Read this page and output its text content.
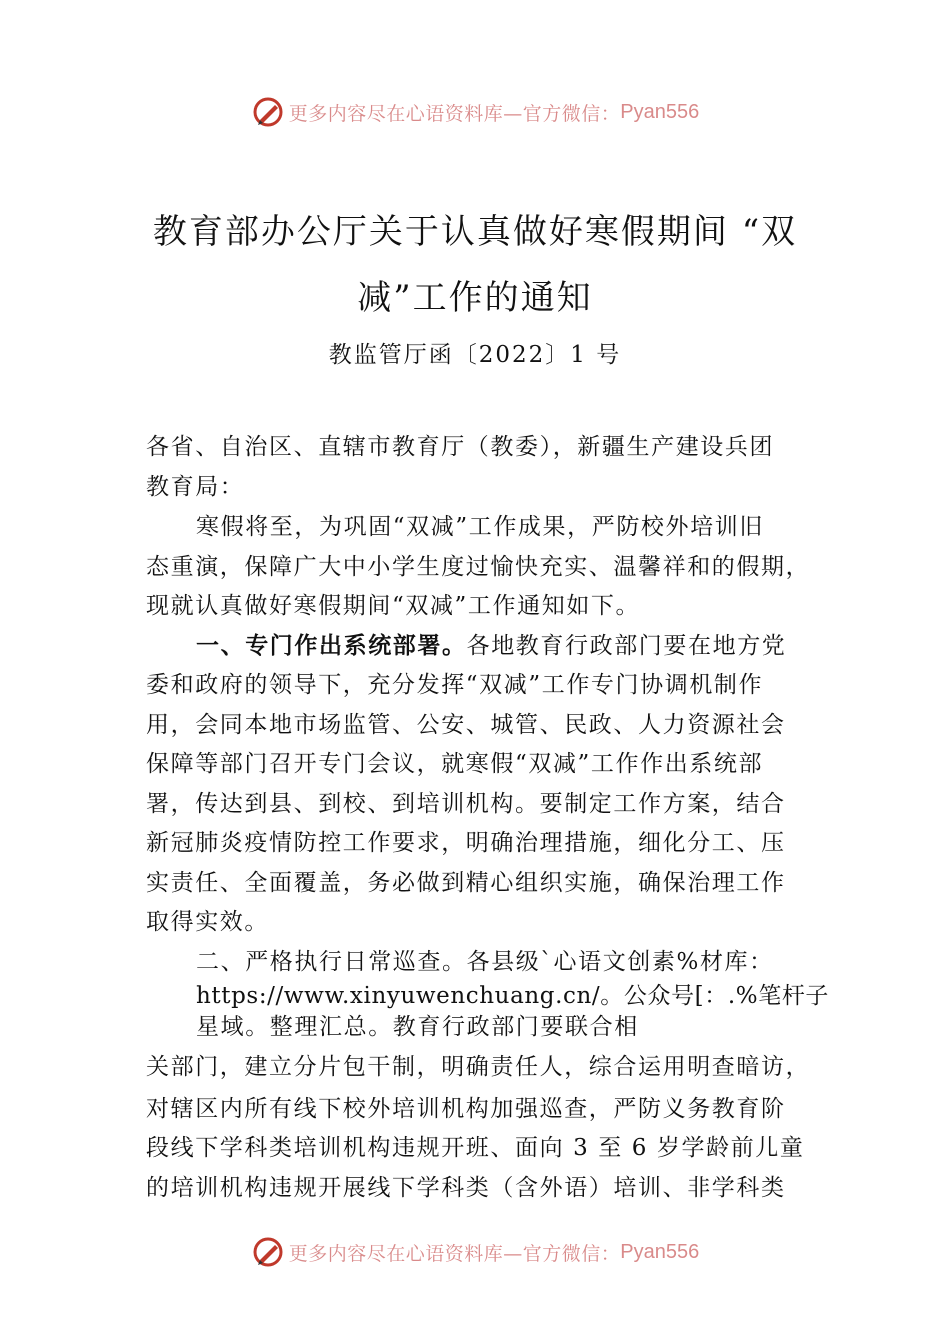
更多内容尽在心语资料库—官方微信： Pyan556
教育部办公厅关于认真做好寒假期间 “双
减”工作的通知
教监管厅函〔2022〕1 号
各省、自治区、直辖市教育厅（教委），新疆生产建设兵团
教育局：
寒假将至，为巩固“双减”工作成果，严防校外培训旧
态重演，保障广大中小学生度过愉快充实、温馨祥和的假期，
现就认真做好寒假期间“双减”工作通知如下。
一、专门作出系统部署。各地教育行政部门要在地方党
委和政府的领导下，充分发挥“双减”工作专门协调机制作
用，会同本地市场监管、公安、城管、民政、人力资源社会
保障等部门召开专门会议，就寒假“双减”工作作出系统部
署，传达到县、到校、到培训机构。要制定工作方案，结合
新冠肺炎疫情防控工作要求，明确治理措施，细化分工、压
实责任、全面覆盖，务必做到精心组织实施，确保治理工作
取得实效。
二、严格执行日常巡查。各县级`心语文创素%材库：
https://www.xinyuwenchuang.cn/。公众号[：.%笔杆子
星域。整理汇总。教育行政部门要联合相
关部门，建立分片包干制，明确责任人，综合运用明查暗访，
对辖区内所有线下校外培训机构加强巡查，严防义务教育阶
段线下学科类培训机构违规开班、面向 3 至 6 岁学龄前儿童
的培训机构违规开展线下学科类（含外语）培训、非学科类
更多内容尽在心语资料库—官方微信： Pyan556
